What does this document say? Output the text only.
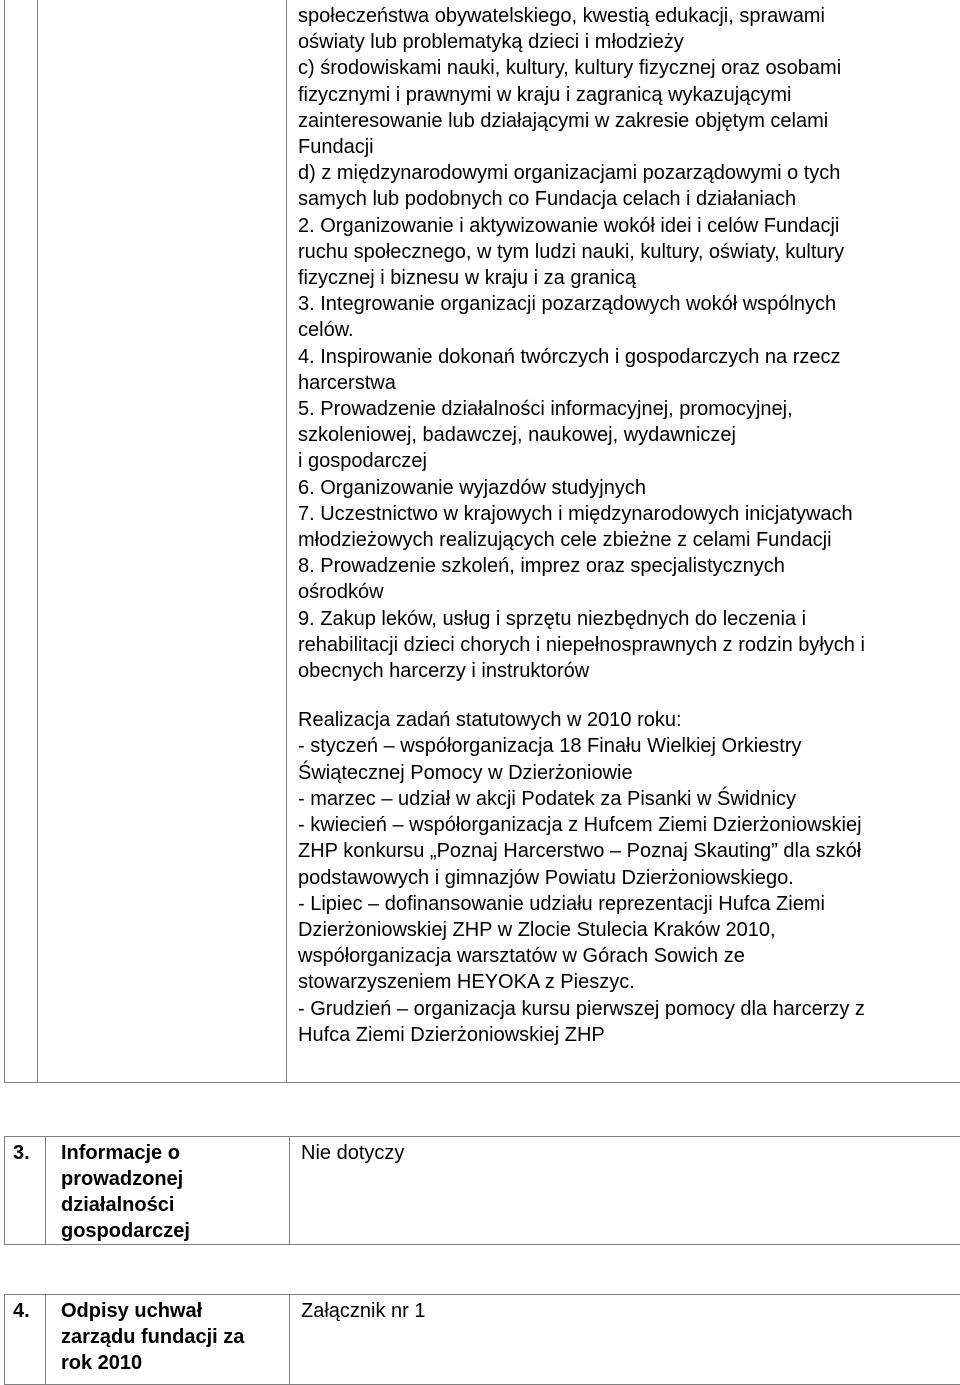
społeczeństwa obywatelskiego, kwestią edukacji, sprawami
oświaty lub problematyką dzieci i młodzieży
c) środowiskami nauki, kultury, kultury fizycznej oraz osobami
fizycznymi i prawnymi w kraju i zagranicą wykazującymi
zainteresowanie lub działającymi w zakresie objętym celami
Fundacji
d) z międzynarodowymi organizacjami pozarządowymi o tych
samych lub podobnych co Fundacja celach i działaniach
2. Organizowanie i aktywizowanie wokół idei i celów Fundacji
ruchu społecznego, w tym ludzi nauki, kultury, oświaty, kultury
fizycznej i biznesu w kraju i za granicą
3. Integrowanie organizacji pozarządowych wokół wspólnych
celów.
4. Inspirowanie dokonań twórczych i gospodarczych na rzecz
harcerstwa
5. Prowadzenie działalności informacyjnej, promocyjnej,
szkoleniowej, badawczej, naukowej, wydawniczej
i gospodarczej
6. Organizowanie wyjazdów studyjnych
7. Uczestnictwo w krajowych i międzynarodowych inicjatywach
młodzieżowych realizujących cele zbieżne z celami Fundacji
8. Prowadzenie szkoleń, imprez oraz specjalistycznych
ośrodków
9. Zakup leków, usług i sprzętu niezbędnych do leczenia i
rehabilitacji dzieci chorych i niepełnosprawnych z rodzin byłych i
obecnych harcerzy i instruktorów
Realizacja zadań statutowych w 2010 roku:
- styczeń – współorganizacja 18 Finału Wielkiej Orkiestry
Świątecznej Pomocy w Dzierżoniowie
- marzec – udział w akcji Podatek za Pisanki w Świdnicy
- kwiecień – współorganizacja z Hufcem Ziemi Dzierżoniowskiej
ZHP konkursu „Poznaj Harcerstwo – Poznaj Skauting” dla szkół
podstawowych i gimnazjów Powiatu Dzierżoniowskiego.
- Lipiec – dofinansowanie udziału reprezentacji Hufca Ziemi
Dzierżoniowskiej ZHP w Zlocie Stulecia Kraków 2010,
współorganizacja warsztatów w Górach Sowich ze
stowarzyszeniem HEYOKA z Pieszyc.
- Grudzień – organizacja kursu pierwszej pomocy dla harcerzy z
Hufca Ziemi Dzierżoniowskiej ZHP
3.	Informacje o prowadzonej działalności gospodarczej	Nie dotyczy
4.	Odpisy uchwał zarządu fundacji za rok 2010	Załącznik nr 1
